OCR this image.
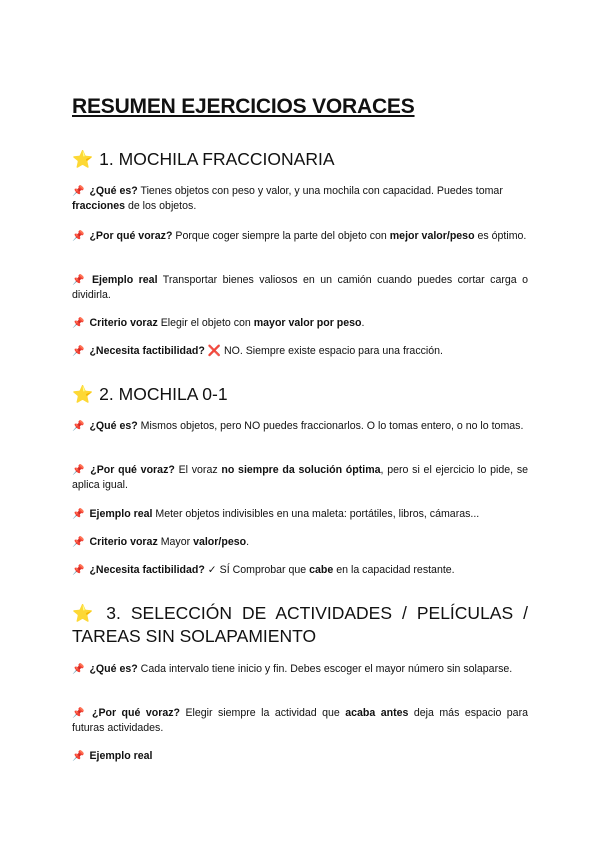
RESUMEN EJERCICIOS VORACES
⭐ 1. MOCHILA FRACCIONARIA
📌 ¿Qué es? Tienes objetos con peso y valor, y una mochila con capacidad. Puedes tomar fracciones de los objetos.
📌 ¿Por qué voraz? Porque coger siempre la parte del objeto con mejor valor/peso es óptimo.
📌 Ejemplo real Transportar bienes valiosos en un camión cuando puedes cortar carga o dividirla.
📌 Criterio voraz Elegir el objeto con mayor valor por peso.
📌 ¿Necesita factibilidad? ❌ NO. Siempre existe espacio para una fracción.
⭐ 2. MOCHILA 0-1
📌 ¿Qué es? Mismos objetos, pero NO puedes fraccionarlos. O lo tomas entero, o no lo tomas.
📌 ¿Por qué voraz? El voraz no siempre da solución óptima, pero si el ejercicio lo pide, se aplica igual.
📌 Ejemplo real Meter objetos indivisibles en una maleta: portátiles, libros, cámaras...
📌 Criterio voraz Mayor valor/peso.
📌 ¿Necesita factibilidad? ✓ SÍ Comprobar que cabe en la capacidad restante.
⭐ 3. SELECCIÓN DE ACTIVIDADES / PELÍCULAS / TAREAS SIN SOLAPAMIENTO
📌 ¿Qué es? Cada intervalo tiene inicio y fin. Debes escoger el mayor número sin solaparse.
📌 ¿Por qué voraz? Elegir siempre la actividad que acaba antes deja más espacio para futuras actividades.
📌 Ejemplo real
